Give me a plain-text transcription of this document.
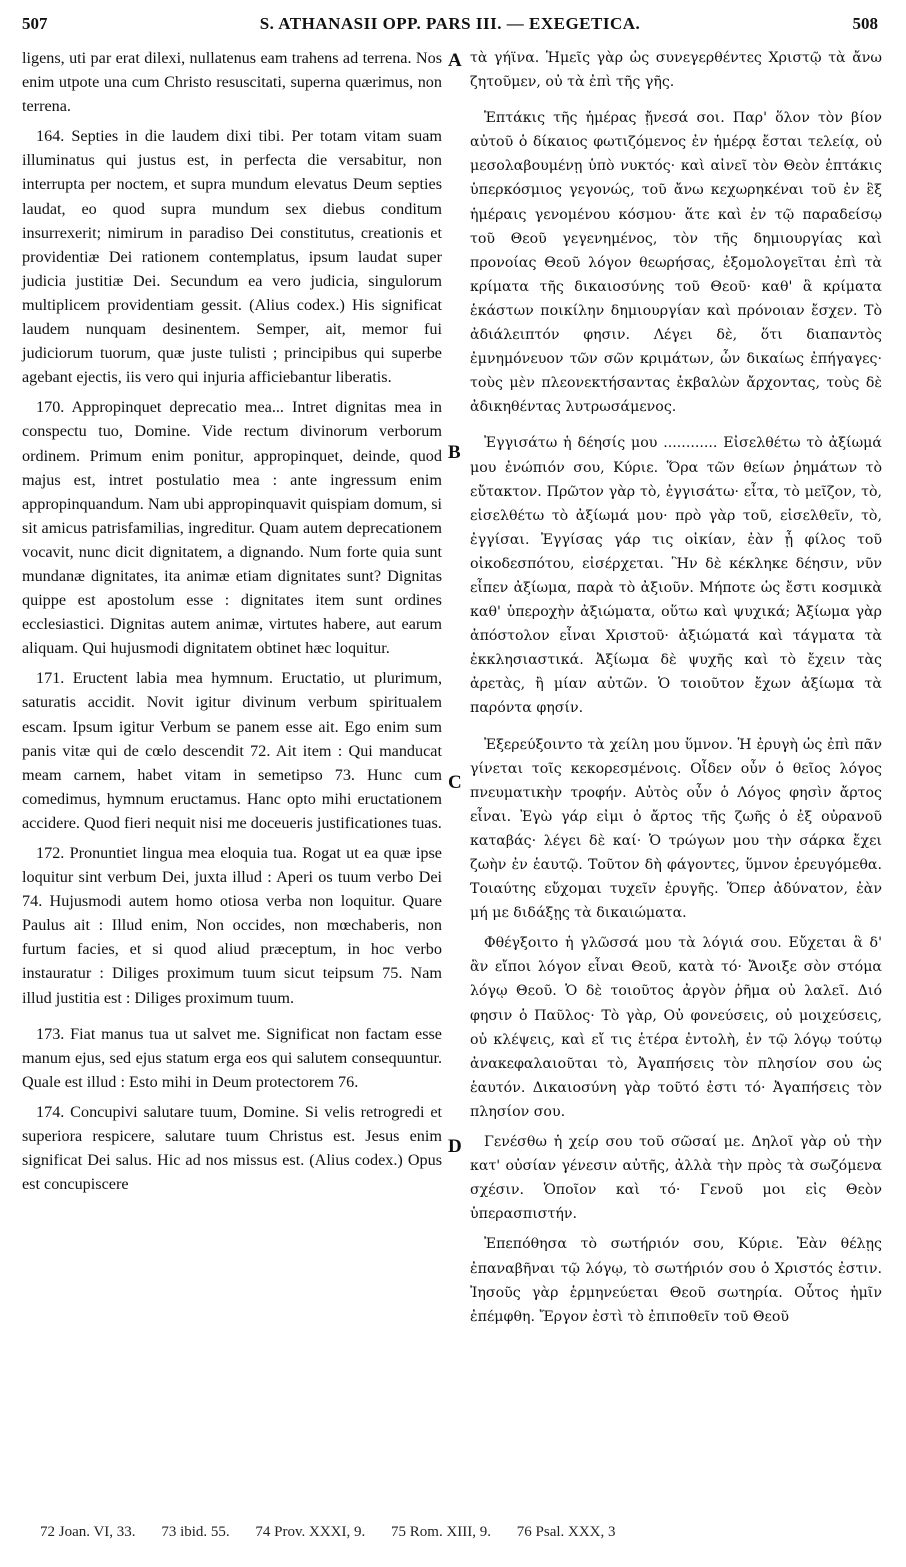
507	S. ATHANASII OPP. PARS III. — EXEGETICA.	508

ligens, uti par erat dilexi, nullatenus eam trahens ad terrena. Nos enim utpote una cum Christo resuscitati, superna quærimus, non terrena.

164. Septies in die laudem dixi tibi. Per totam vitam suam illuminatus qui justus est, in perfecta die versabitur, non interrupta per noctem, et supra mundum elevatus Deum septies laudat, eo quod supra mundum sex diebus conditum insurrexerit; nimirum in paradiso Dei constitutus, creationis et providentiæ Dei rationem contemplatus, ipsum laudat super judicia justitiæ Dei. Secundum ea vero judicia, singulorum multiplicem providentiam gessit. (Alius codex.) His significat laudem nunquam desinentem. Semper, ait, memor fui judiciorum tuorum, quæ juste tulisti ; principibus qui superbe agebant ejectis, iis vero qui injuria afficiebantur liberatis.

170. Appropinquet deprecatio mea... Intret dignitas mea in conspectu tuo, Domine. Vide rectum divinorum verborum ordinem. Primum enim ponitur, appropinquet, deinde, quod majus est, intret postulatio mea : ante ingressum enim appropinquandum. Nam ubi appropinquavit quispiam domum, si sit amicus patrisfamilias, ingreditur. Quam autem deprecationem vocavit, nunc dicit dignitatem, a dignando. Num forte quia sunt mundanæ dignitates, ita animæ etiam dignitates sunt? Dignitas quippe est apostolum esse : dignitates item sunt ordines ecclesiastici. Dignitas autem animæ, virtutes habere, aut earum aliquam. Qui hujusmodi dignitatem obtinet hæc loquitur.

171. Eructent labia mea hymnum. Eructatio, ut plurimum, saturatis accidit. Novit igitur divinum verbum spiritualem escam. Ipsum igitur Verbum se panem esse ait. Ego enim sum panis vitæ qui de cœlo descendit 72. Ait item : Qui manducat meam carnem, habet vitam in semetipso 73. Hunc cum comedimus, hymnum eructamus. Hanc opto mihi eructationem accidere. Quod fieri nequit nisi me doceueris justificationes tuas.

172. Pronuntiet lingua mea eloquia tua. Rogat ut ea quæ ipse loquitur sint verbum Dei, juxta illud : Aperi os tuum verbo Dei 74. Hujusmodi autem homo otiosa verba non loquitur. Quare Paulus ait : Illud enim, Non occides, non mœchaberis, non furtum facies, et si quod aliud præceptum, in hoc verbo instauratur : Diliges proximum tuum sicut teipsum 75. Nam illud justitia est : Diliges proximum tuum.

173. Fiat manus tua ut salvet me. Significat non factam esse manum ejus, sed ejus statum erga eos qui salutem consequuntur. Quale est illud : Esto mihi in Deum protectorem 76.

174. Concupivi salutare tuum, Domine. Si velis retrogredi et superiora respicere, salutare tuum Christus est. Jesus enim significat Dei salus. Hic ad nos missus est. (Alius codex.) Opus est concupiscere

A
B
C
D

τὰ γήϊνα. Ἡμεῖς γὰρ ὡς συνεγερθέντες Χριστῷ τὰ ἄνω ζητοῦμεν, οὐ τὰ ἐπὶ τῆς γῆς.

Ἑπτάκις τῆς ἡμέρας ᾔνεσά σοι. Παρ' ὅλον τὸν βίον αὐτοῦ ὁ δίκαιος φωτιζόμενος ἐν ἡμέρᾳ ἔσται τελείᾳ, οὐ μεσολαβουμένῃ ὑπὸ νυκτός· καὶ αἰνεῖ τὸν Θεὸν ἑπτάκις ὑπερκόσμιος γεγονώς, τοῦ ἄνω κεχωρηκέναι τοῦ ἐν ἓξ ἡμέραις γενομένου κόσμου· ἅτε καὶ ἐν τῷ παραδείσῳ τοῦ Θεοῦ γεγενημένος, τὸν τῆς δημιουργίας καὶ προνοίας Θεοῦ λόγον θεωρήσας, ἐξομολογεῖται ἐπὶ τὰ κρίματα τῆς δικαιοσύνης τοῦ Θεοῦ· καθ' ἃ κρίματα ἑκάστων ποικίλην δημιουργίαν καὶ πρόνοιαν ἔσχεν. Τὸ ἀδιάλειπτόν φησιν. Λέγει δὲ, ὅτι διαπαντὸς ἐμνημόνευον τῶν σῶν κριμάτων, ὧν δικαίως ἐπήγαγες· τοὺς μὲν πλεονεκτήσαντας ἐκβαλὼν ἄρχοντας, τοὺς δὲ ἀδικηθέντας λυτρωσάμενος.

Ἐγγισάτω ἡ δέησίς μου ............ Εἰσελθέτω τὸ ἀξίωμά μου ἐνώπιόν σου, Κύριε. Ὅρα τῶν θείων ῥημάτων τὸ εὔτακτον. Πρῶτον γὰρ τὸ, ἐγγισάτω· εἶτα, τὸ μεῖζον, τὸ, εἰσελθέτω τὸ ἀξίωμά μου· πρὸ γὰρ τοῦ, εἰσελθεῖν, τὸ, ἐγγίσαι. Ἐγγίσας γάρ τις οἰκίαν, ἐὰν ᾖ φίλος τοῦ οἰκοδεσπότου, εἰσέρχεται. Ἣν δὲ κέκληκε δέησιν, νῦν εἶπεν ἀξίωμα, παρὰ τὸ ἀξιοῦν. Μήποτε ὡς ἔστι κοσμικὰ καθ' ὑπεροχὴν ἀξιώματα, οὕτω καὶ ψυχικά; Ἀξίωμα γὰρ ἀπόστολον εἶναι Χριστοῦ· ἀξιώματά καὶ τάγματα τὰ ἐκκλησιαστικά. Ἀξίωμα δὲ ψυχῆς καὶ τὸ ἔχειν τὰς ἀρετὰς, ἢ μίαν αὐτῶν. Ὁ τοιοῦτον ἔχων ἀξίωμα τὰ παρόντα φησίν.

Ἐξερεύξοιντο τὰ χείλη μου ὕμνον. Ἡ ἐρυγὴ ὡς ἐπὶ πᾶν γίνεται τοῖς κεκορεσμένοις. Οἶδεν οὖν ὁ θεῖος λόγος πνευματικὴν τροφήν. Αὐτὸς οὖν ὁ Λόγος φησὶν ἄρτος εἶναι. Ἐγὼ γάρ εἰμι ὁ ἄρτος τῆς ζωῆς ὁ ἐξ οὐρανοῦ καταβάς· λέγει δὲ καί· Ὁ τρώγων μου τὴν σάρκα ἔχει ζωὴν ἐν ἑαυτῷ. Τοῦτον δὴ φάγοντες, ὕμνον ἐρευγόμεθα. Τοιαύτης εὔχομαι τυχεῖν ἐρυγῆς. Ὅπερ ἀδύνατον, ἐὰν μή με διδάξῃς τὰ δικαιώματα.

Φθέγξοιτο ἡ γλῶσσά μου τὰ λόγιά σου. Εὔχεται ἃ δ' ἂν εἴποι λόγον εἶναι Θεοῦ, κατὰ τό· Ἄνοιξε σὸν στόμα λόγῳ Θεοῦ. Ὁ δὲ τοιοῦτος ἀργὸν ῥῆμα οὐ λαλεῖ. Διό φησιν ὁ Παῦλος· Τὸ γὰρ, Οὐ φονεύσεις, οὐ μοιχεύσεις, οὐ κλέψεις, καὶ εἴ τις ἑτέρα ἐντολὴ, ἐν τῷ λόγῳ τούτῳ ἀνακεφαλαιοῦται τὸ, Ἀγαπήσεις τὸν πλησίον σου ὡς ἑαυτόν. Δικαιοσύνη γὰρ τοῦτό ἐστι τό· Ἀγαπήσεις τὸν πλησίον σου.

Γενέσθω ἡ χείρ σου τοῦ σῶσαί με. Δηλοῖ γὰρ οὐ τὴν κατ' οὐσίαν γένεσιν αὐτῆς, ἀλλὰ τὴν πρὸς τὰ σωζόμενα σχέσιν. Ὁποῖον καὶ τό· Γενοῦ μοι εἰς Θεὸν ὑπερασπιστήν.

Ἐπεπόθησα τὸ σωτήριόν σου, Κύριε. Ἐὰν θέλῃς ἐπαναβῆναι τῷ λόγῳ, τὸ σωτήριόν σου ὁ Χριστός ἐστιν. Ἰησοῦς γὰρ ἑρμηνεύεται Θεοῦ σωτηρία. Οὗτος ἡμῖν ἐπέμφθη. Ἔργον ἐστὶ τὸ ἐπιποθεῖν τοῦ Θεοῦ

72 Joan. VI, 33. 73 ibid. 55. 74 Prov. XXXI, 9. 75 Rom. XIII, 9. 76 Psal. XXX, 3
